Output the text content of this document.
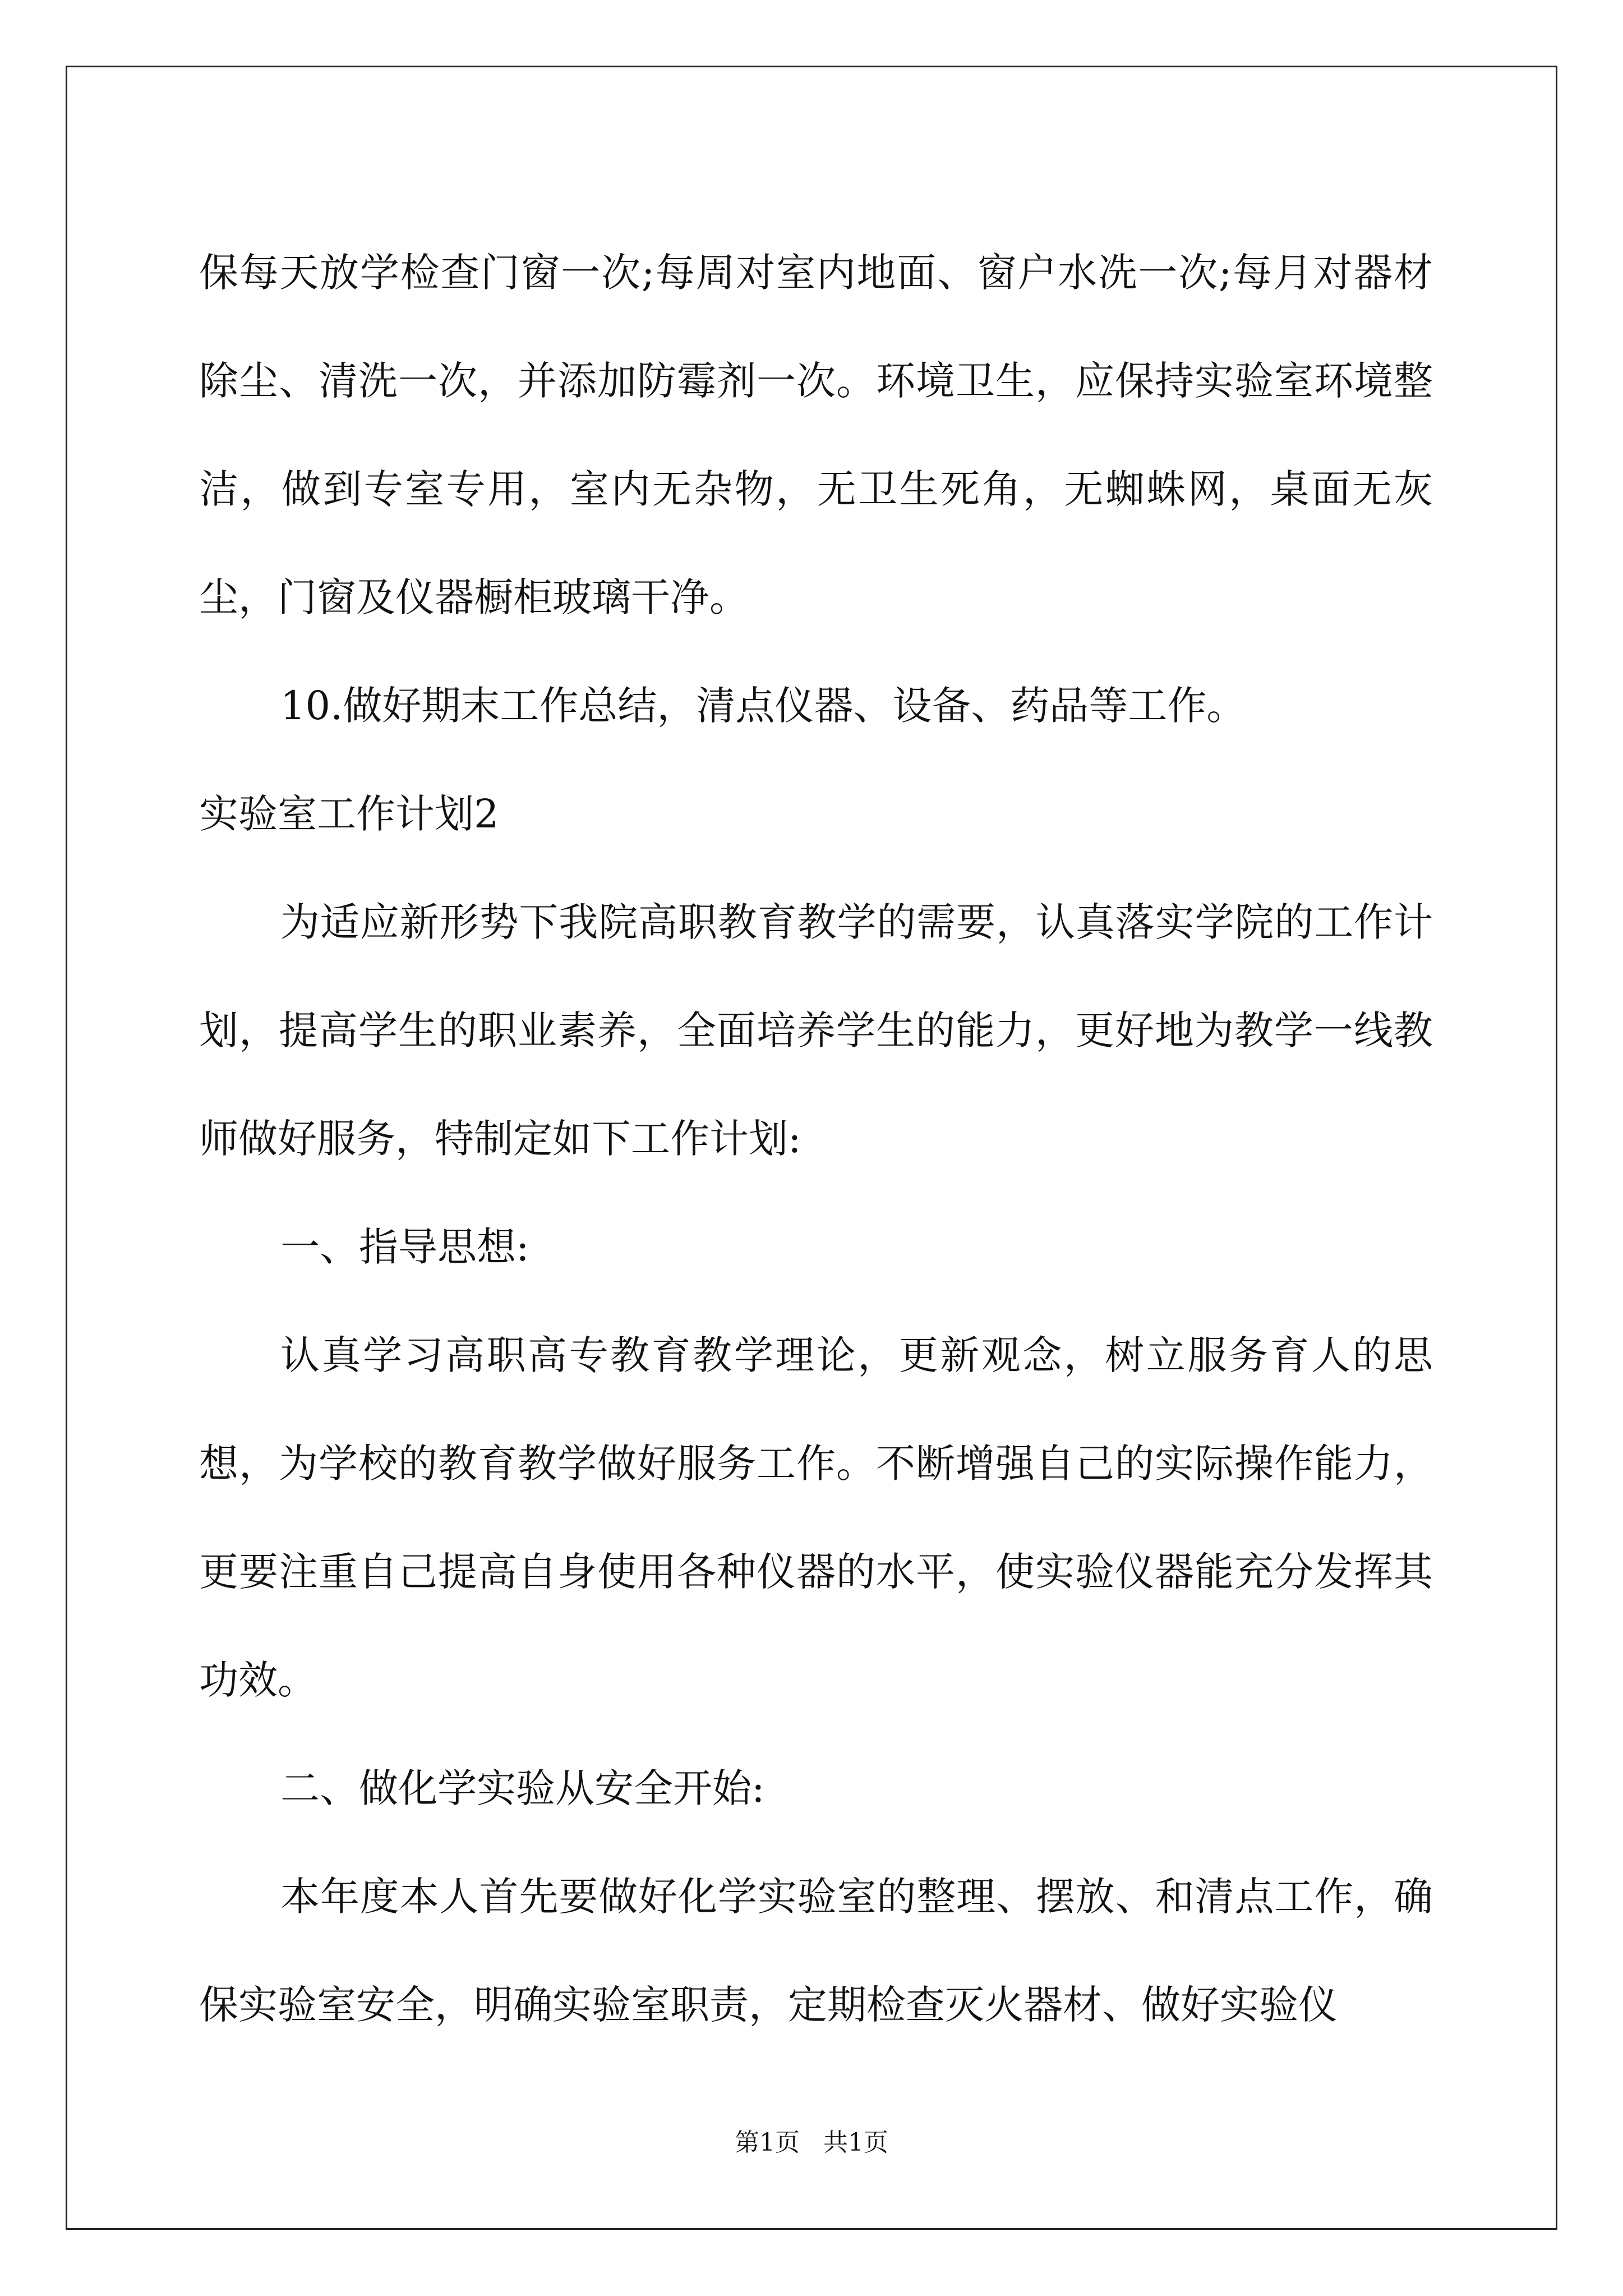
保每天放学检查门窗一次;每周对室内地面、窗户水冼一次;每月对器材除尘、清洗一次，并添加防霉剂一次。环境卫生，应保持实验室环境整洁，做到专室专用，室内无杂物，无卫生死角，无蜘蛛网，桌面无灰尘，门窗及仪器橱柜玻璃干净。

10.做好期末工作总结，清点仪器、设备、药品等工作。

实验室工作计划2

为适应新形势下我院高职教育教学的需要，认真落实学院的工作计划，提高学生的职业素养，全面培养学生的能力，更好地为教学一线教师做好服务，特制定如下工作计划:

一、指导思想:

认真学习高职高专教育教学理论，更新观念，树立服务育人的思想，为学校的教育教学做好服务工作。不断增强自己的实际操作能力，更要注重自己提高自身使用各种仪器的水平，使实验仪器能充分发挥其功效。

二、做化学实验从安全开始:

本年度本人首先要做好化学实验室的整理、摆放、和清点工作，确保实验室安全，明确实验室职责，定期检查灭火器材、做好实验仪

第1页 共1页
